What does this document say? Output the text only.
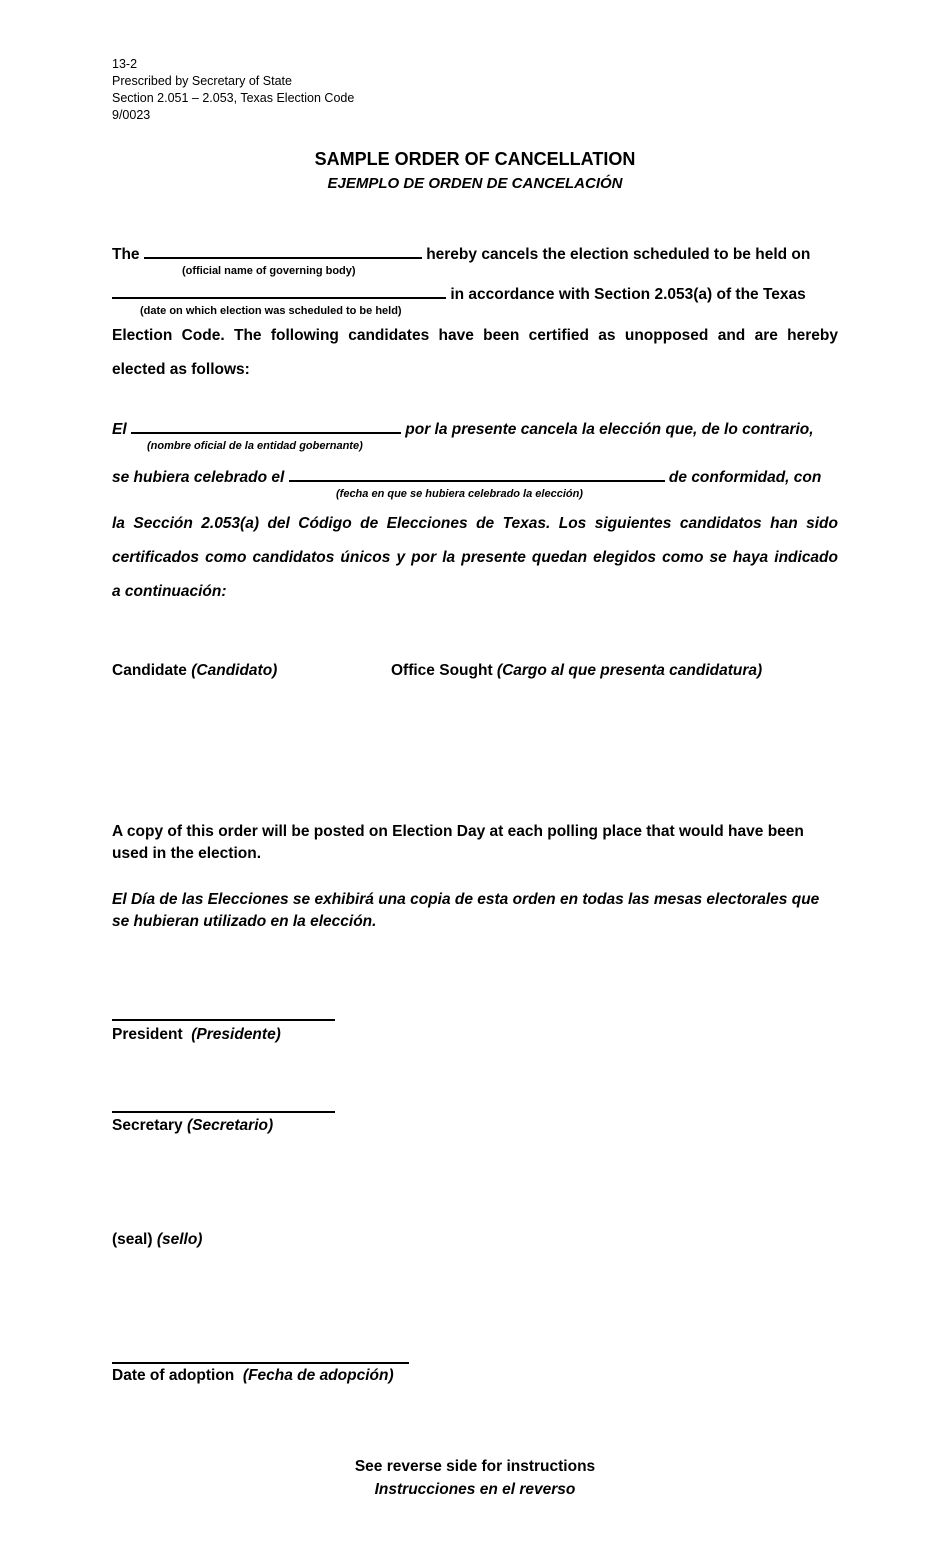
13-2
Prescribed by Secretary of State
Section 2.051 – 2.053, Texas Election Code
9/0023
SAMPLE ORDER OF CANCELLATION
EJEMPLO DE ORDEN DE CANCELACIÓN
The	hereby cancels the election scheduled to be held on
(official name of governing body)
in accordance with Section 2.053(a) of the Texas
(date on which election was scheduled to be held)
Election Code. The following candidates have been certified as unopposed and are hereby
elected as follows:
El	por la presente cancela la elección que, de lo contrario,
(nombre oficial de la entidad gobernante)
se hubiera celebrado el	de conformidad, con
(fecha en que se hubiera celebrado la elección)
la Sección 2.053(a) del Código de Elecciones de Texas. Los siguientes candidatos han sido
certificados como candidatos únicos y por la presente quedan elegidos como se haya indicado
a continuación:
Candidate (Candidato)	Office Sought (Cargo al que presenta candidatura)
A copy of this order will be posted on Election Day at each polling place that would have been used in the election.
El Día de las Elecciones se exhibirá una copia de esta orden en todas las mesas electorales que se hubieran utilizado en la elección.
President (Presidente)
Secretary (Secretario)
(seal) (sello)
Date of adoption (Fecha de adopción)
See reverse side for instructions
Instrucciones en el reverso
